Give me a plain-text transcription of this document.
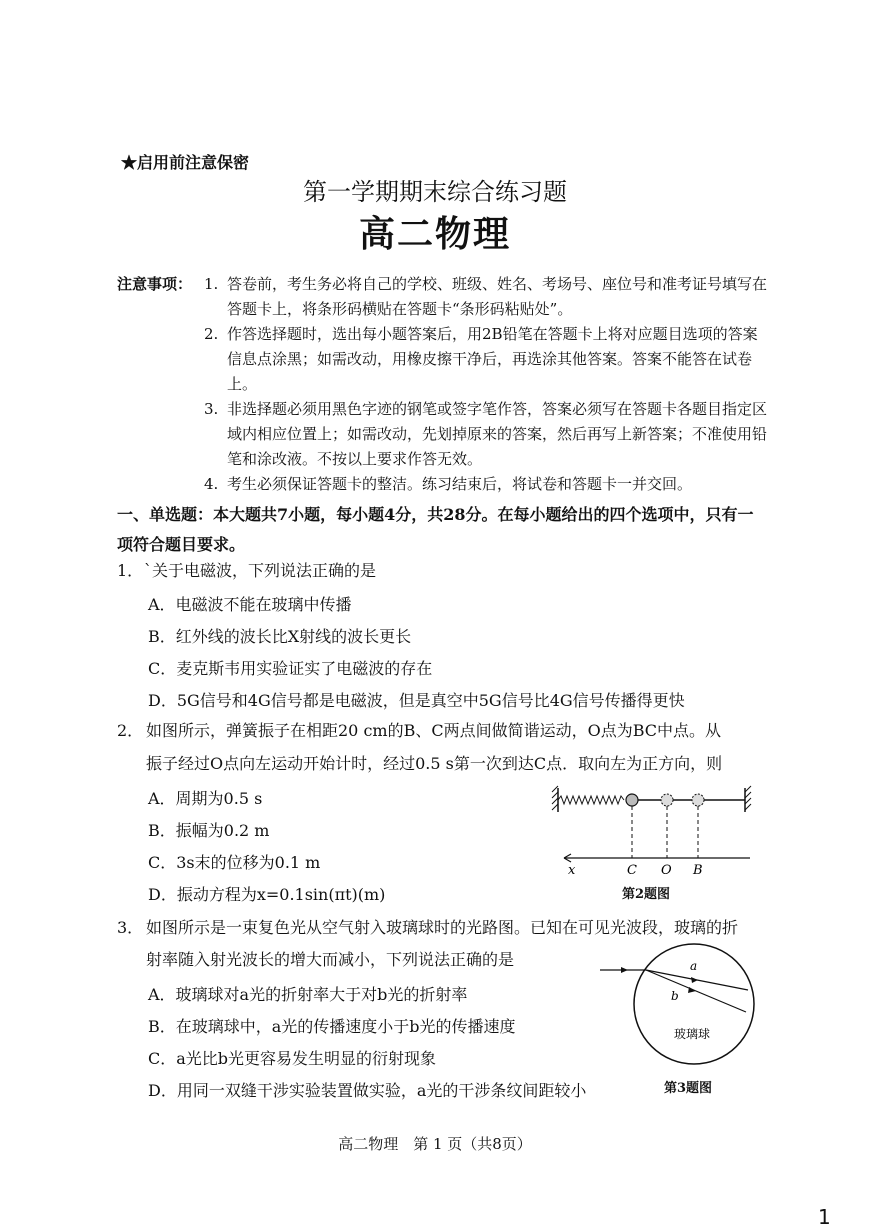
★启用前注意保密
第一学期期末综合练习题
高二物理
注意事项： 1. 答卷前，考生务必将自己的学校、班级、姓名、考场号、座位号和准考证号填写在答题卡上，将条形码横贴在答题卡“条形码粘贴处”。
2. 作答选择题时，选出每小题答案后，用2B铅笔在答题卡上将对应题目选项的答案信息点涂黑；如需改动，用橡皮擦干净后，再选涂其他答案。答案不能答在试卷上。
3. 非选择题必须用黑色字迹的钢笔或签字笔作答，答案必须写在答题卡各题目指定区域内相应位置上；如需改动，先划掉原来的答案，然后再写上新答案；不准使用铅笔和涂改液。不按以上要求作答无效。
4. 考生必须保证答题卡的整洁。练习结束后，将试卷和答题卡一并交回。
一、单选题：本大题共7小题，每小题4分，共28分。在每小题给出的四个选项中，只有一项符合题目要求。
1． `关于电磁波，下列说法正确的是
A．电磁波不能在玻璃中传播
B．红外线的波长比X射线的波长更长
C．麦克斯韦用实验证实了电磁波的存在
D．5G信号和4G信号都是电磁波，但是真空中5G信号比4G信号传播得更快
2． 如图所示，弹簧振子在相距20 cm的B、C两点间做简谐运动，O点为BC中点。从
振子经过O点向左运动开始计时，经过0.5 s第一次到达C点．取向左为正方向，则
A．周期为0.5 s
B．振幅为0.2 m
C．3s末的位移为0.1 m
D．振动方程为x=0.1sin(πt)(m)
x	C O B
第2题图
3． 如图所示是一束复色光从空气射入玻璃球时的光路图。已知在可见光波段，玻璃的折
射率随入射光波长的增大而减小，下列说法正确的是
A．玻璃球对a光的折射率大于对b光的折射率
B．在玻璃球中，a光的传播速度小于b光的传播速度
C．a光比b光更容易发生明显的衍射现象
D．用同一双缝干涉实验装置做实验，a光的干涉条纹间距较小
a
b
玻璃球
第3题图
高二物理　第 1 页（共8页）
1
